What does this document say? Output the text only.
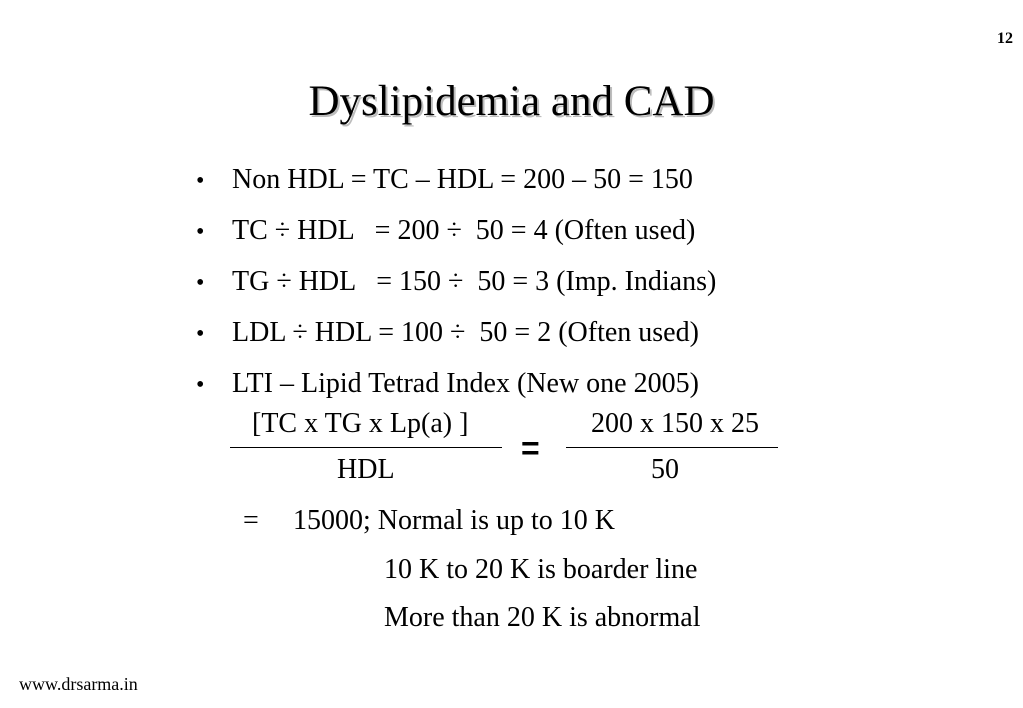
12
Dyslipidemia and CAD
• Non HDL = TC – HDL = 200 – 50 = 150
• TC ÷ HDL   = 200 ÷  50 = 4 (Often used)
• TG ÷ HDL   = 150 ÷  50 = 3 (Imp. Indians)
• LDL ÷ HDL = 100 ÷  50 = 2 (Often used)
• LTI – Lipid Tetrad Index (New one 2005)
[TC x TG x Lp(a) ]
HDL
=
200 x 150 x 25
50
= 15000; Normal is up to 10 K
10 K to 20 K is boarder line
More than 20 K is abnormal
www.drsarma.in
